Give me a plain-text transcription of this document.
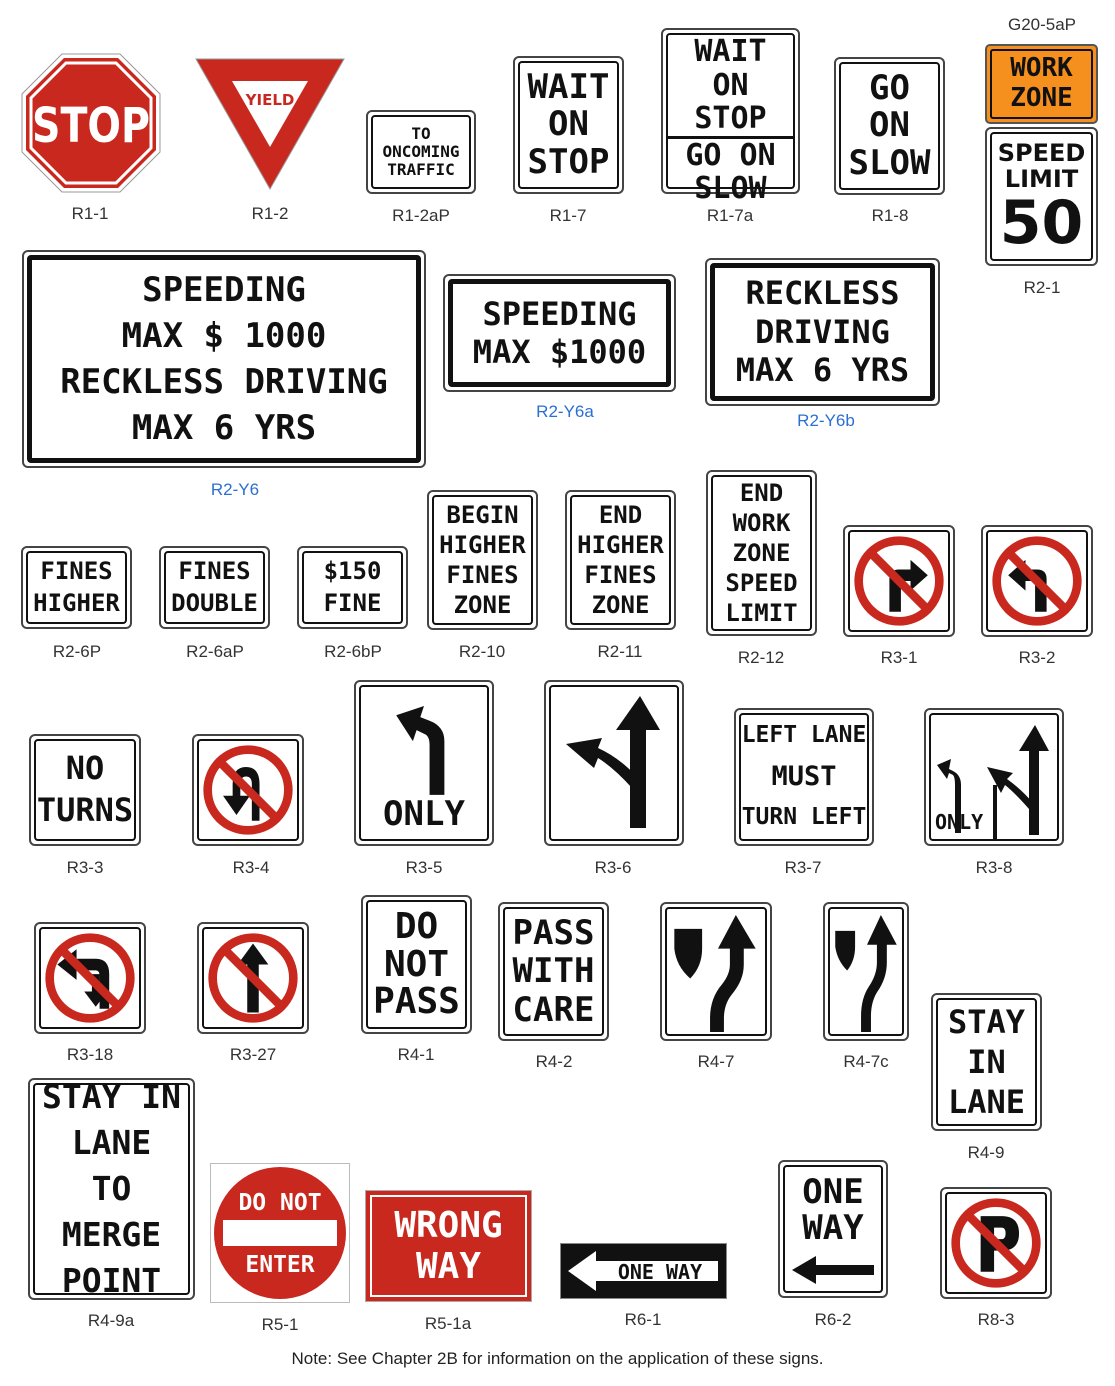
STOP
R1-1
YIELD
R1-2
TO
ONCOMING
TRAFFIC
R1-2aP
WAIT
ON
STOP
R1-7
WAIT ON
STOP
GO ON
SLOW
R1-7a
GO
ON
SLOW
R1-8
G20-5aP
WORK
ZONE
SPEED
LIMIT
50
R2-1
SPEEDING
MAX $ 1000
RECKLESS DRIVING
MAX 6 YRS
R2-Y6
SPEEDING
MAX $1000
R2-Y6a
RECKLESS
DRIVING
MAX 6 YRS
R2-Y6b
FINES
HIGHER
R2-6P
FINES
DOUBLE
R2-6aP
$150
FINE
R2-6bP
BEGIN
HIGHER
FINES
ZONE
R2-10
END
HIGHER
FINES
ZONE
R2-11
END
WORK
ZONE
SPEED
LIMIT
R2-12	R3-1	R3-2
NO
TURNS
R3-3	R3-4
ONLY
R3-5	R3-6
LEFT LANE
MUST
TURN LEFT
R3-7
ONLY
R3-8
R3-18	R3-27
DO
NOT
PASS
R4-1
PASS
WITH
CARE
R4-2	R4-7	R4-7c
STAY
IN
LANE
R4-9
STAY IN
LANE
TO MERGE
POINT
R4-9a
DO NOT
ENTER
R5-1
WRONG
WAY
R5-1a
ONE WAY
R6-1
ONE
WAY
R6-2	R8-3
Note: See Chapter 2B for information on the application of these signs.
